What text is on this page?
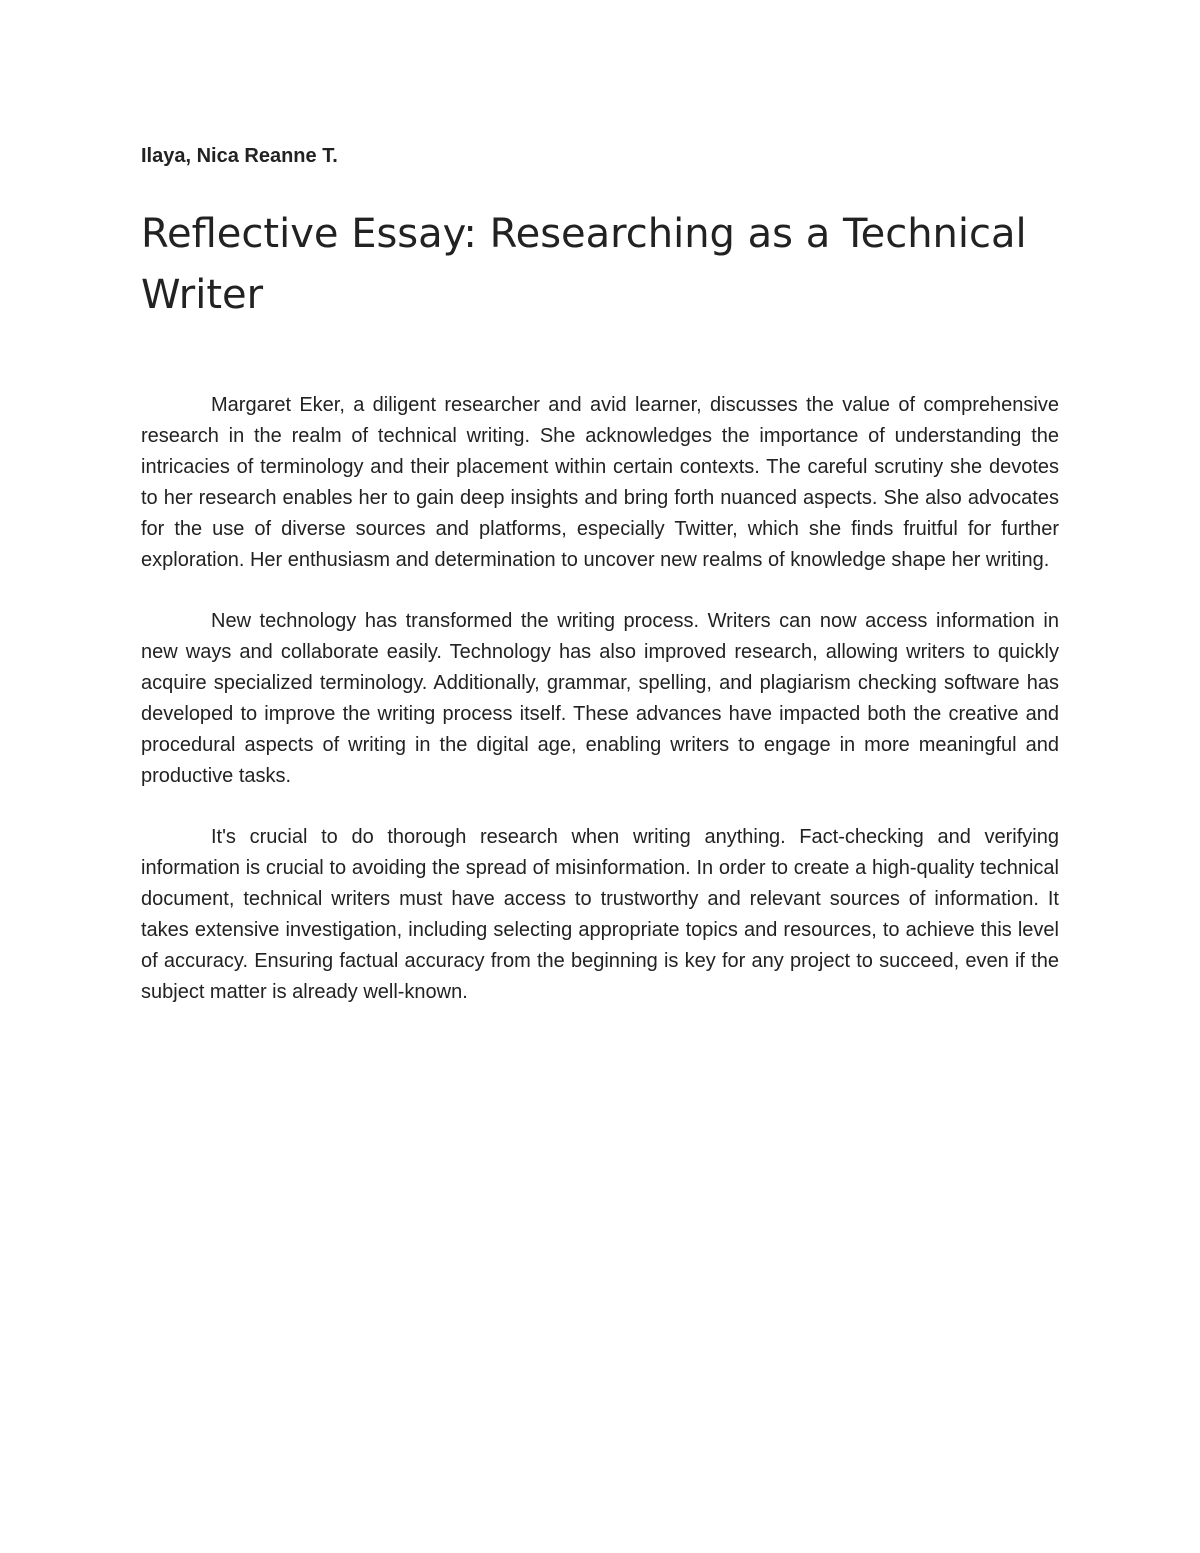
Ilaya, Nica Reanne T.

Reflective Essay: Researching as a Technical Writer

Margaret Eker, a diligent researcher and avid learner, discusses the value of comprehensive research in the realm of technical writing. She acknowledges the importance of understanding the intricacies of terminology and their placement within certain contexts. The careful scrutiny she devotes to her research enables her to gain deep insights and bring forth nuanced aspects. She also advocates for the use of diverse sources and platforms, especially Twitter, which she finds fruitful for further exploration. Her enthusiasm and determination to uncover new realms of knowledge shape her writing.

New technology has transformed the writing process. Writers can now access information in new ways and collaborate easily. Technology has also improved research, allowing writers to quickly acquire specialized terminology. Additionally, grammar, spelling, and plagiarism checking software has developed to improve the writing process itself. These advances have impacted both the creative and procedural aspects of writing in the digital age, enabling writers to engage in more meaningful and productive tasks.

It's crucial to do thorough research when writing anything. Fact-checking and verifying information is crucial to avoiding the spread of misinformation. In order to create a high-quality technical document, technical writers must have access to trustworthy and relevant sources of information. It takes extensive investigation, including selecting appropriate topics and resources, to achieve this level of accuracy. Ensuring factual accuracy from the beginning is key for any project to succeed, even if the subject matter is already well-known.
